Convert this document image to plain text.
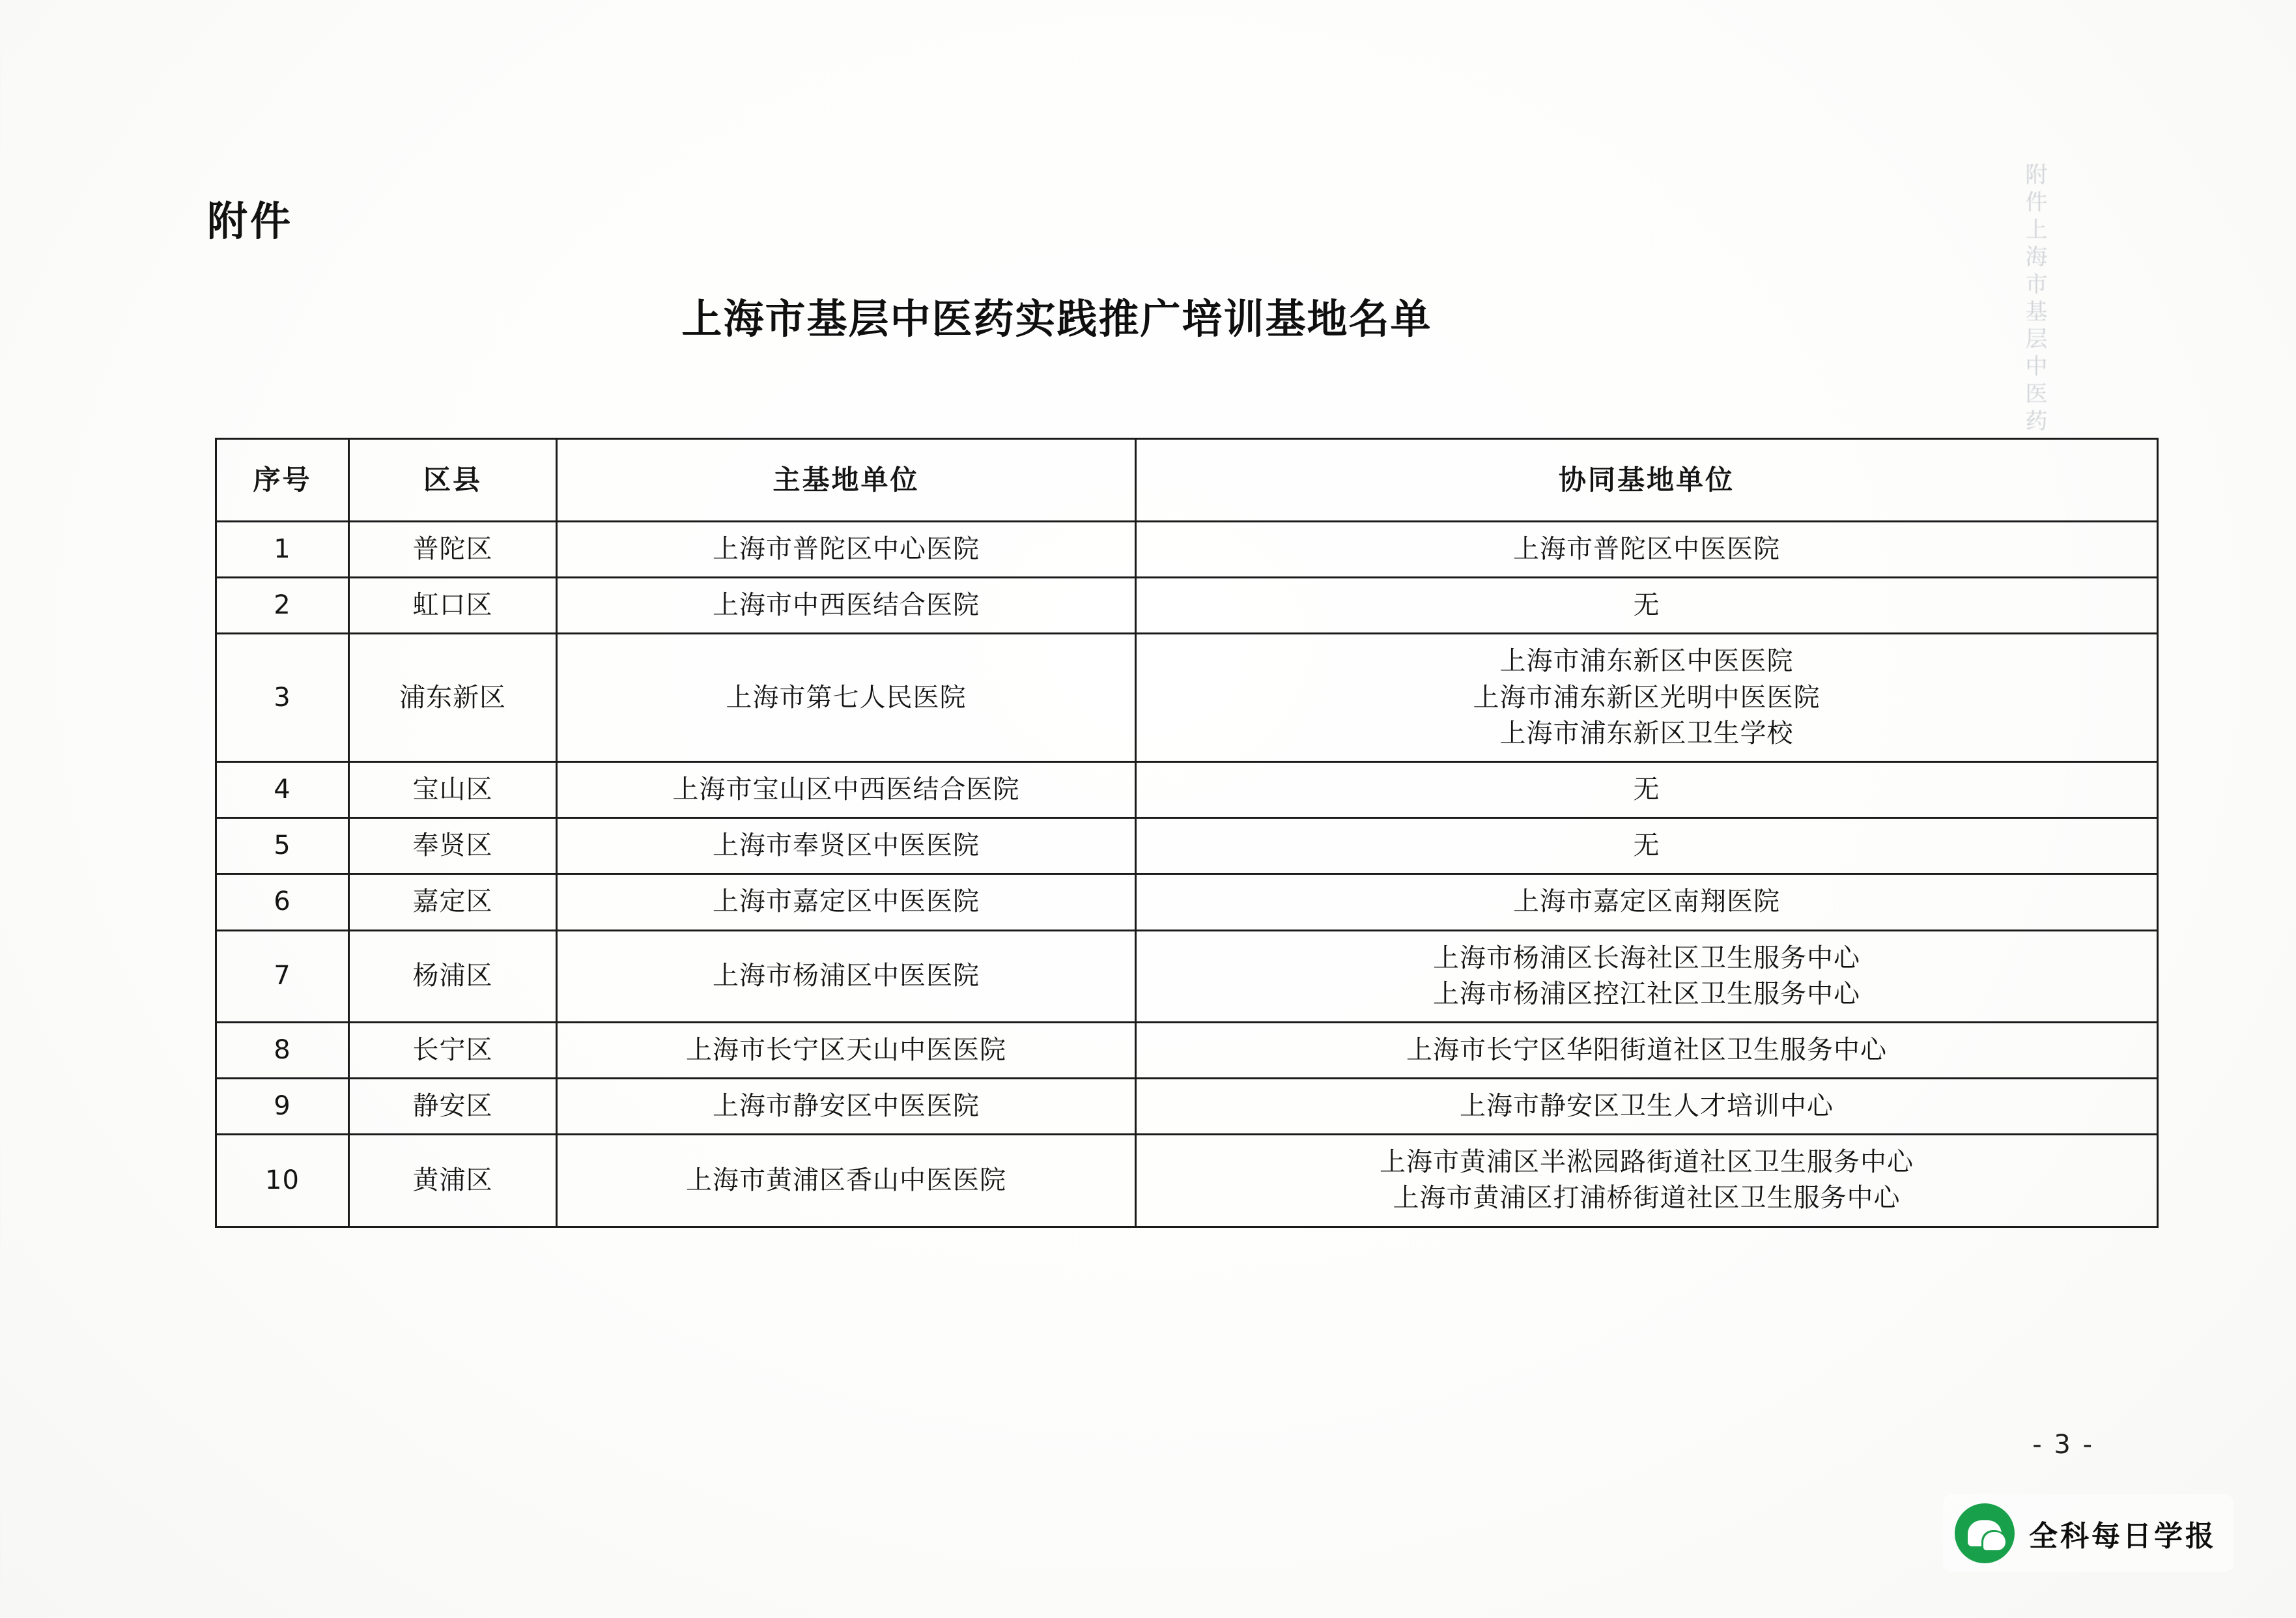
附件
上海市基层中医药实践推广培训基地名单	附件上海市基层中医药
序号	区县	主基地单位	协同基地单位
1	普陀区	上海市普陀区中心医院	上海市普陀区中医医院

2	虹口区	上海市中西医结合医院	无

3	浦东新区	上海市第七人民医院	上海市浦东新区中医医院
上海市浦东新区光明中医医院
上海市浦东新区卫生学校

4	宝山区	上海市宝山区中西医结合医院	无

5	奉贤区	上海市奉贤区中医医院	无

6	嘉定区	上海市嘉定区中医医院	上海市嘉定区南翔医院

7	杨浦区	上海市杨浦区中医医院	上海市杨浦区长海社区卫生服务中心
上海市杨浦区控江社区卫生服务中心

8	长宁区	上海市长宁区天山中医医院	上海市长宁区华阳街道社区卫生服务中心

9	静安区	上海市静安区中医医院	上海市静安区卫生人才培训中心

10	黄浦区	上海市黄浦区香山中医医院	上海市黄浦区半淞园路街道社区卫生服务中心
上海市黄浦区打浦桥街道社区卫生服务中心
- 3 -
全科每日学报
